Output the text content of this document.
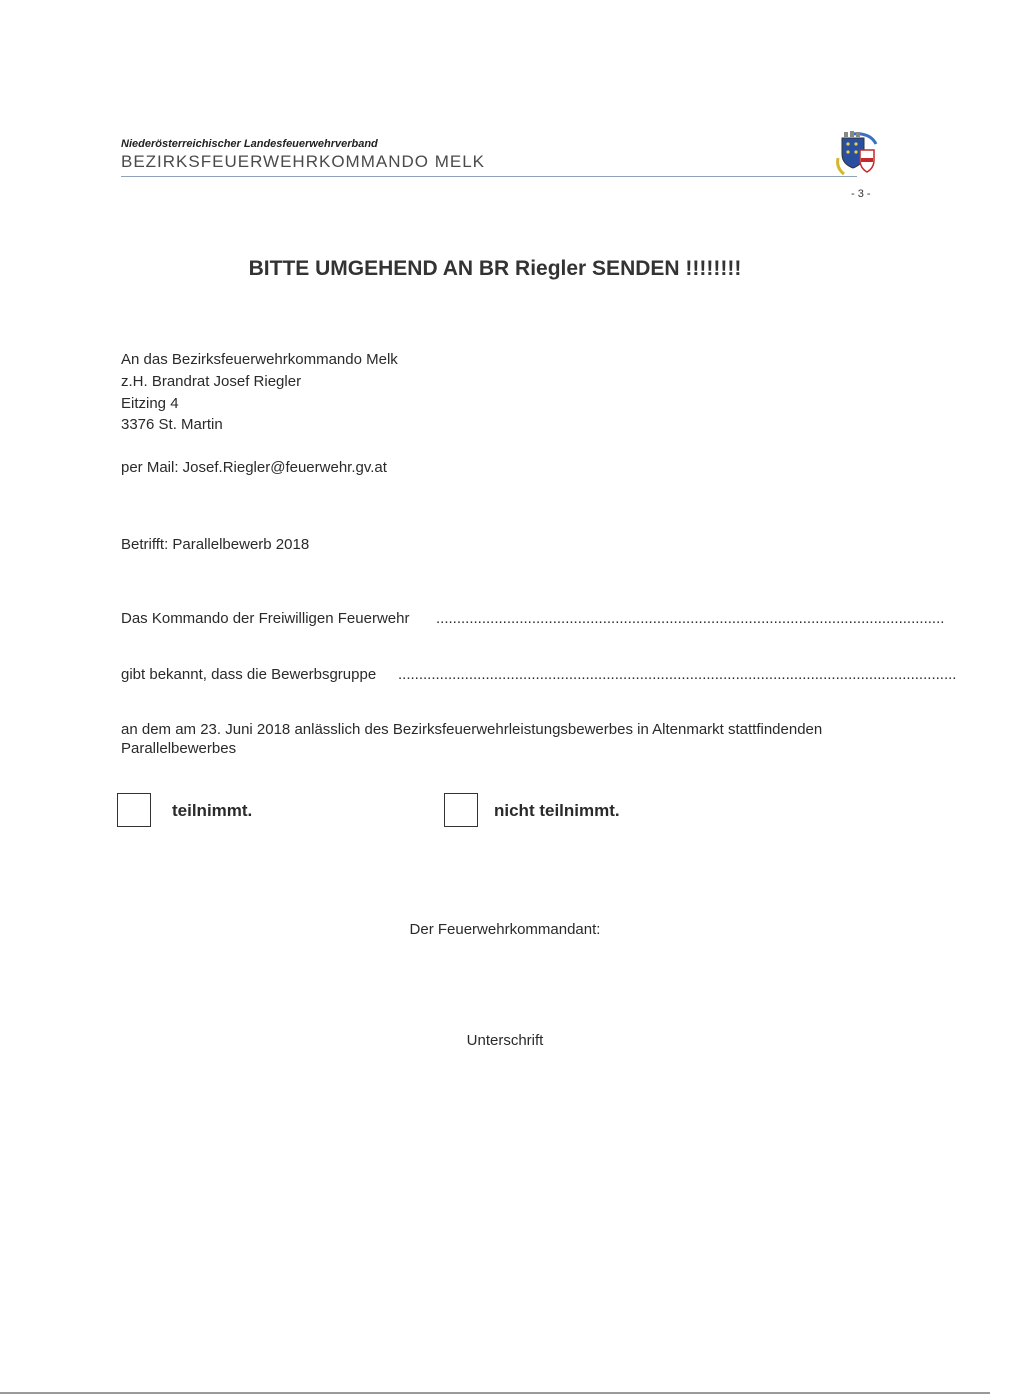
Niederösterreichischer Landesfeuerwehrverband
BEZIRKSFEUERWEHRKOMMANDO MELK
- 3 -
BITTE UMGEHEND AN BR Riegler SENDEN !!!!!!!!
An das Bezirksfeuerwehrkommando Melk
z.H. Brandrat Josef Riegler
Eitzing 4
3376 St. Martin
per Mail: Josef.Riegler@feuerwehr.gv.at
Betrifft: Parallelbewerb 2018
Das Kommando der Freiwilligen Feuerwehr ..........................................................................................................................
gibt bekannt, dass die Bewerbsgruppe ......................................................................................................................................
an dem am 23. Juni 2018 anlässlich des Bezirksfeuerwehrleistungsbewerbes in Altenmarkt stattfindenden
Parallelbewerbes
teilnimmt.	nicht teilnimmt.
Der Feuerwehrkommandant:
Unterschrift
